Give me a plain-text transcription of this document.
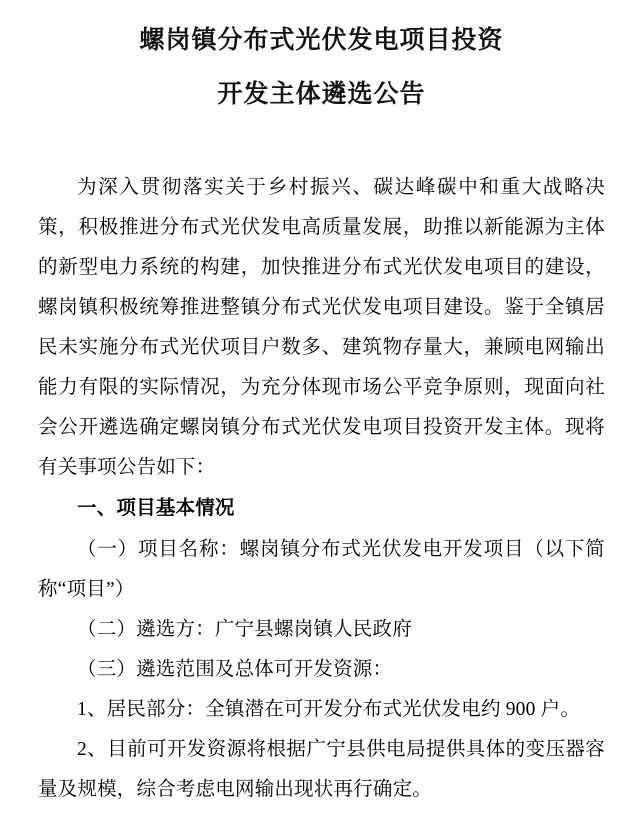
螺岗镇分布式光伏发电项目投资
开发主体遴选公告

为深入贯彻落实关于乡村振兴、碳达峰碳中和重大战略决策，积极推进分布式光伏发电高质量发展，助推以新能源为主体的新型电力系统的构建，加快推进分布式光伏发电项目的建设，螺岗镇积极统筹推进整镇分布式光伏发电项目建设。鉴于全镇居民未实施分布式光伏项目户数多、建筑物存量大，兼顾电网输出能力有限的实际情况，为充分体现市场公平竞争原则，现面向社会公开遴选确定螺岗镇分布式光伏发电项目投资开发主体。现将有关事项公告如下：

一、项目基本情况

（一）项目名称：螺岗镇分布式光伏发电开发项目（以下简称“项目”）

（二）遴选方：广宁县螺岗镇人民政府

（三）遴选范围及总体可开发资源：

1、居民部分：全镇潜在可开发分布式光伏发电约 900 户。

2、目前可开发资源将根据广宁县供电局提供具体的变压器容量及规模，综合考虑电网输出现状再行确定。
